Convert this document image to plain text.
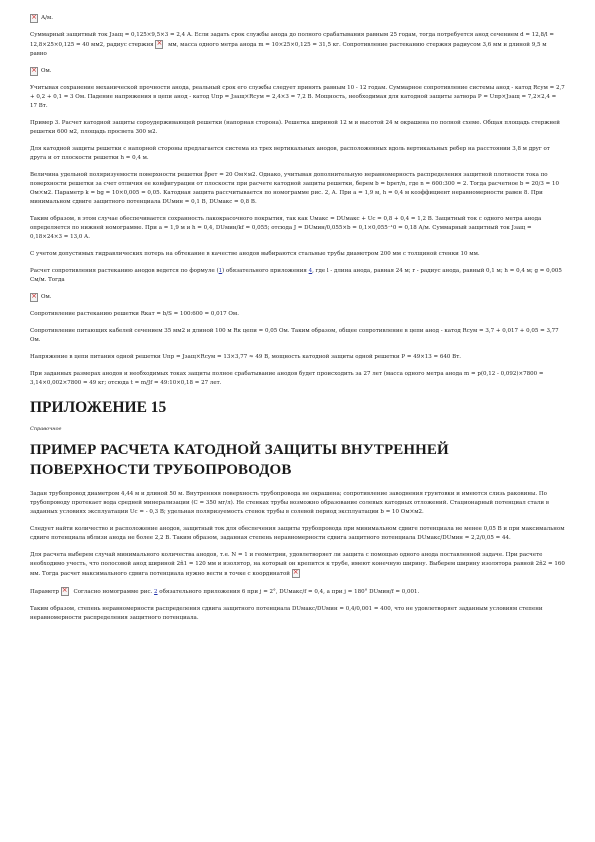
×
А/м.

Суммарный защитный ток Jзащ = 0,125×9,5×3 = 2,4 А. Если задать срок службы анода до полного срабатывания равным 25 годам, тогда потребуется анод сечением d = 12,8/l = 12,8×25×0,125 = 40 мм2, радиус стержня ×	мм, масса одного метра анода m = 10×25×0,125 = 31,5 кг. Сопротивление растеканию стержня радиусом 3,6 мм и длиной 9,5 м равно

×
Ом.

Учитывая сохранение механической прочности анода, реальный срок его службы следует принять равным 10 - 12 годам. Суммарное сопротивление системы анод - катод Rсум = 2,7 + 0,2 + 0,1 = 3 Ом. Падение напряжения в цепи анод - катод Uпр = Jзащ×Rсум = 2,4×3 = 7,2 В. Мощность, необходимая для катодной защиты затвора P = Uпр×Jзащ = 7,2×2,4 = 17 Вт.

Пример 3. Расчет катодной защиты сороудерживающей решетки (напорная сторона). Решетка шириной 12 м и высотой 24 м окрашена по полной схеме. Общая площадь стержней решетки 600 м2, площадь просвета 300 м2.

Для катодной защиты решетки с напорной стороны предлагается система из трех вертикальных анодов, расположенных вдоль вертикальных ребер на расстоянии 3,8 м друг от друга и от плоскости решетки h = 0,4 м.

Величина удельной поляризуемости поверхности решетки βрет = 20 Ом×м2. Однако, учитывая дополнительную неравномерность распределения защитной плотности тока по поверхности решетки за счет отличия ее конфигурации от плоскости при расчете катодной защиты решетки, берем b = bрет/n, где n = 600:300 = 2. Тогда расчетное b = 20/3 = 10 Ом×м2. Параметр k = bg = 10×0,005 = 0,05. Катодная защита рассчитывается по номограмме рис. 2, А. При a = 1,9 м, h = 0,4 м коэффициент неравномерности равен 8. При минимальном сдвиге защитного потенциала DUмин = 0,1 В, DUмакс = 0,8 В.

Таким образом, в этом случае обеспечивается сохранность лакокрасочного покрытия, так как Uмакс = DUмакс + Uс = 0,8 + 0,4 = 1,2 В. Защитный ток с одного метра анода определяется по нижней номограмме. При a = 1,9 м и h = 0,4, DUмин/kf = 0,055; отсюда J = DUмин/0,055×b = 0,1×0,055⁻¹0 = 0,18 А/м. Суммарный защитный ток Jзащ = 0,18×24×3 = 13,0 А.

С учетом допустимых гидравлических потерь на обтекание в качестве анодов выбираются стальные трубы диаметром 200 мм с толщиной стенки 10 мм.

Расчет сопротивления растеканию анодов ведется по формуле (1) обязательного приложения 4, где l - длина анода, равная 24 м; r - радиус анода, равный 0,1 м; h = 0,4 м; g = 0,005 См/м. Тогда

×
Ом.

Сопротивление растеканию решетки Rкат = b/S = 100:600 = 0,017 Ом.

Сопротивление питающих кабелей сечением 35 мм2 и длиной 100 м Rк цепи = 0,05 Ом. Таким образом, общее сопротивление в цепи анод - катод Rсум = 3,7 + 0,017 + 0,05 = 3,77 Ом.

Напряжение в цепи питания одной решетки Uпр = Jзащ×Rсум = 13×3,77 ≈ 49 В, мощность катодной защиты одной решетки P = 49×13 = 640 Вт.

При заданных размерах анодов и необходимых токах защиты полное срабатывание анодов будет происходить за 27 лет (масса одного метра анода m = p(0,12 - 0,092)×7800 = 3,14×0,002×7800 = 49 кг; отсюда t = m/Jf = 49:10×0,18 = 27 лет.

ПРИЛОЖЕНИЕ 15
Справочное
ПРИМЕР РАСЧЕТА КАТОДНОЙ ЗАЩИТЫ ВНУТРЕННЕЙ ПОВЕРХНОСТИ ТРУБОПРОВОДОВ

Задан трубопровод диаметром 4,44 м и длиной 50 м. Внутренняя поверхность трубопровода не окрашена; сопротивление заводнения грунтовки и имеются слизь раковины. По трубопроводу протекает вода средней минерализации (С = 350 мг/л). Не стенках трубы возможно образование солевых катодных отложений. Стационарный потенциал стали в заданных условиях эксплуатации Uс = - 0,3 В; удельная поляризуемость стенок трубы в солевой период эксплуатации b = 10 Ом×м2.

Следует найти количество и расположение анодов, защитный ток для обеспечения защиты трубопровода при минимальном сдвиге потенциала не менее 0,05 В и при максимальном сдвиге потенциала вблизи анода не более 2,2 В. Таким образом, заданная степень неравномерности сдвига защитного потенциала DUмакс/DUмин = 2,2/0,05 = 44.

Для расчета выберем случай минимального количества анодов, т.е. N = 1 и геометрии, удовлетворяет ли защита с помощью одного анода поставленной задаче. При расчете необходимо учесть, что полосовой анод шириной 2ñ1 = 120 мм и изолятор, на который он крепится к трубе, имеют конечную ширину. Выберем ширину изолятора равной 2ñ2 = 160 мм. Тогда расчет максимального сдвига потенциала нужно вести в точке с координатой ×

Параметр ×	Согласно номограмме рис. 2 обязательного приложения 6 при j = 2°, DUмакс/f = 0,4, а при j = 180° DUмин/f = 0,001.

Таким образом, степень неравномерности распределения сдвига защитного потенциала DUмакс/DUмин = 0,4/0,001 = 400, что не удовлетворяет заданным условиям степени неравномерности распределения защитного потенциала.
